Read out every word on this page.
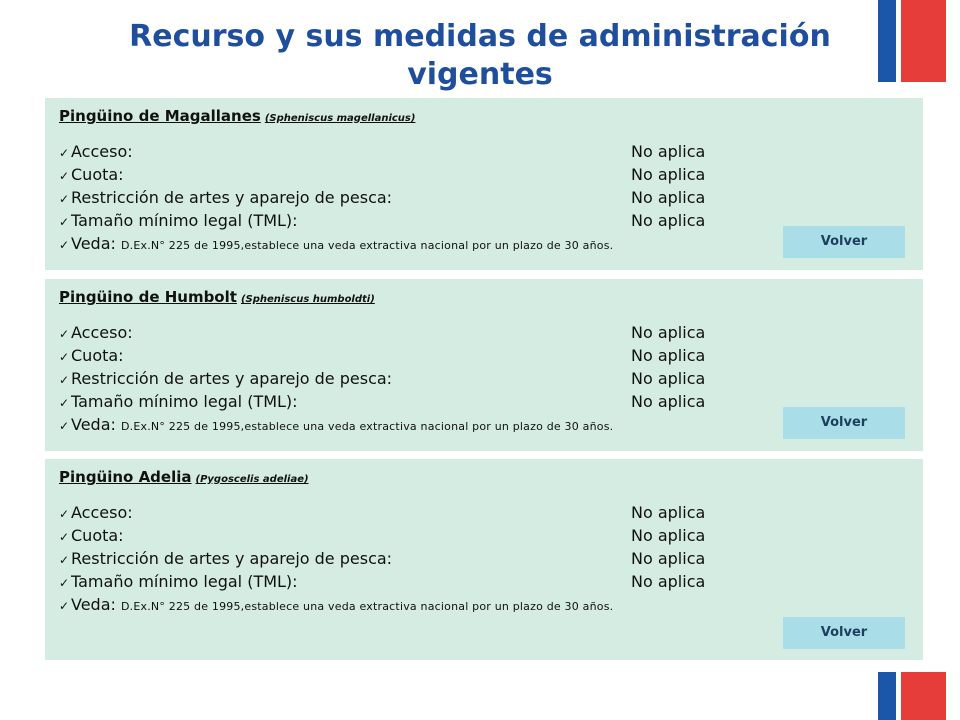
Recurso y sus medidas de administración vigentes
Pingüino de Magallanes (Spheniscus magellanicus)
✓ Acceso:	No aplica
✓ Cuota:	No aplica
✓ Restricción de artes y aparejo de pesca:	No aplica
✓ Tamaño mínimo legal (TML):	No aplica
✓ Veda: D.Ex.N° 225 de 1995,establece una veda extractiva nacional por un plazo de 30 años.	Volver
Pingüino de Humbolt (Spheniscus humboldti)
✓ Acceso:	No aplica
✓ Cuota:	No aplica
✓ Restricción de artes y aparejo de pesca:	No aplica
✓ Tamaño mínimo legal (TML):	No aplica
✓ Veda: D.Ex.N° 225 de 1995,establece una veda extractiva nacional por un plazo de 30 años.	Volver
Pingüino Adelia (Pygoscelis adeliae)
✓ Acceso:	No aplica
✓ Cuota:	No aplica
✓ Restricción de artes y aparejo de pesca:	No aplica
✓ Tamaño mínimo legal (TML):	No aplica
✓ Veda: D.Ex.N° 225 de 1995,establece una veda extractiva nacional por un plazo de 30 años.
Volver
